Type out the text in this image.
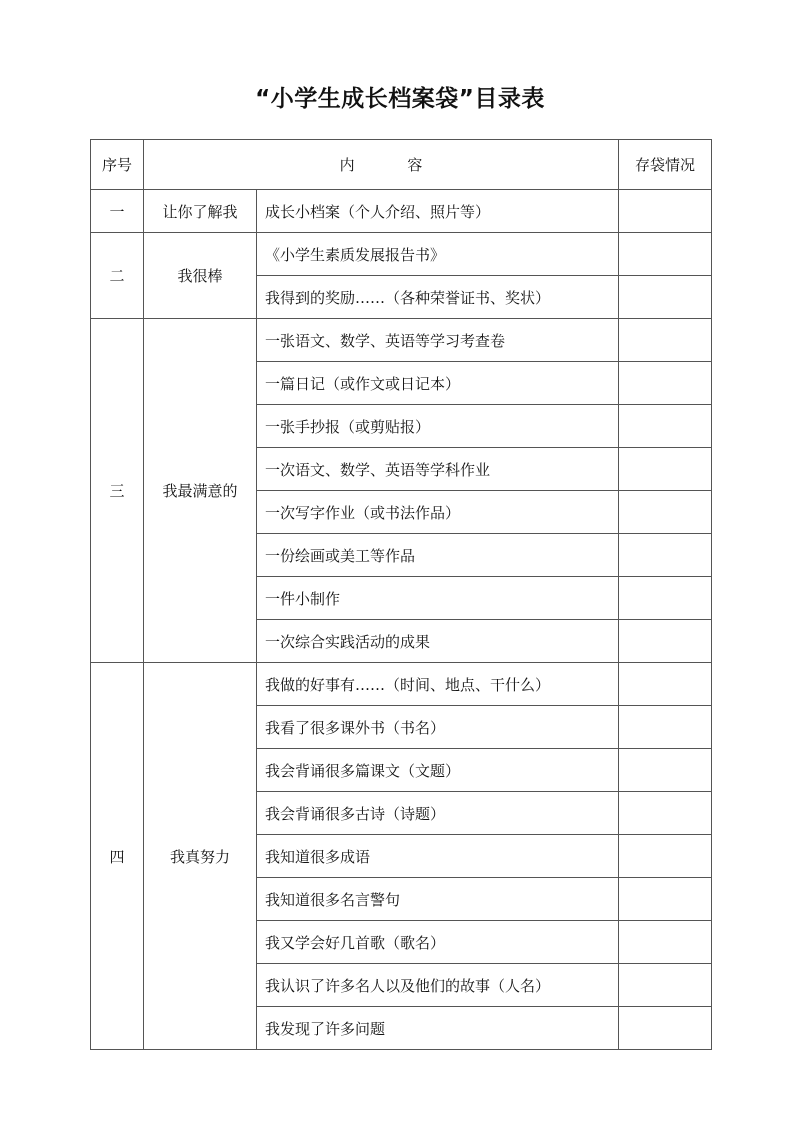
“小学生成长档案袋”目录表
序号	内 容		存袋情况
一	让你了解我	成长小档案（个人介绍、照片等）	
二	我很棒	《小学生素质发展报告书》	
		我得到的奖励……（各种荣誉证书、奖状）	
三	我最满意的	一张语文、数学、英语等学习考查卷	
		一篇日记（或作文或日记本）	
		一张手抄报（或剪贴报）	
		一次语文、数学、英语等学科作业	
		一次写字作业（或书法作品）	
		一份绘画或美工等作品	
		一件小制作	
		一次综合实践活动的成果	
四	我真努力	我做的好事有……（时间、地点、干什么）	
		我看了很多课外书（书名）	
		我会背诵很多篇课文（文题）	
		我会背诵很多古诗（诗题）	
		我知道很多成语	
		我知道很多名言警句	
		我又学会好几首歌（歌名）	
		我认识了许多名人以及他们的故事（人名）	
		我发现了许多问题	
